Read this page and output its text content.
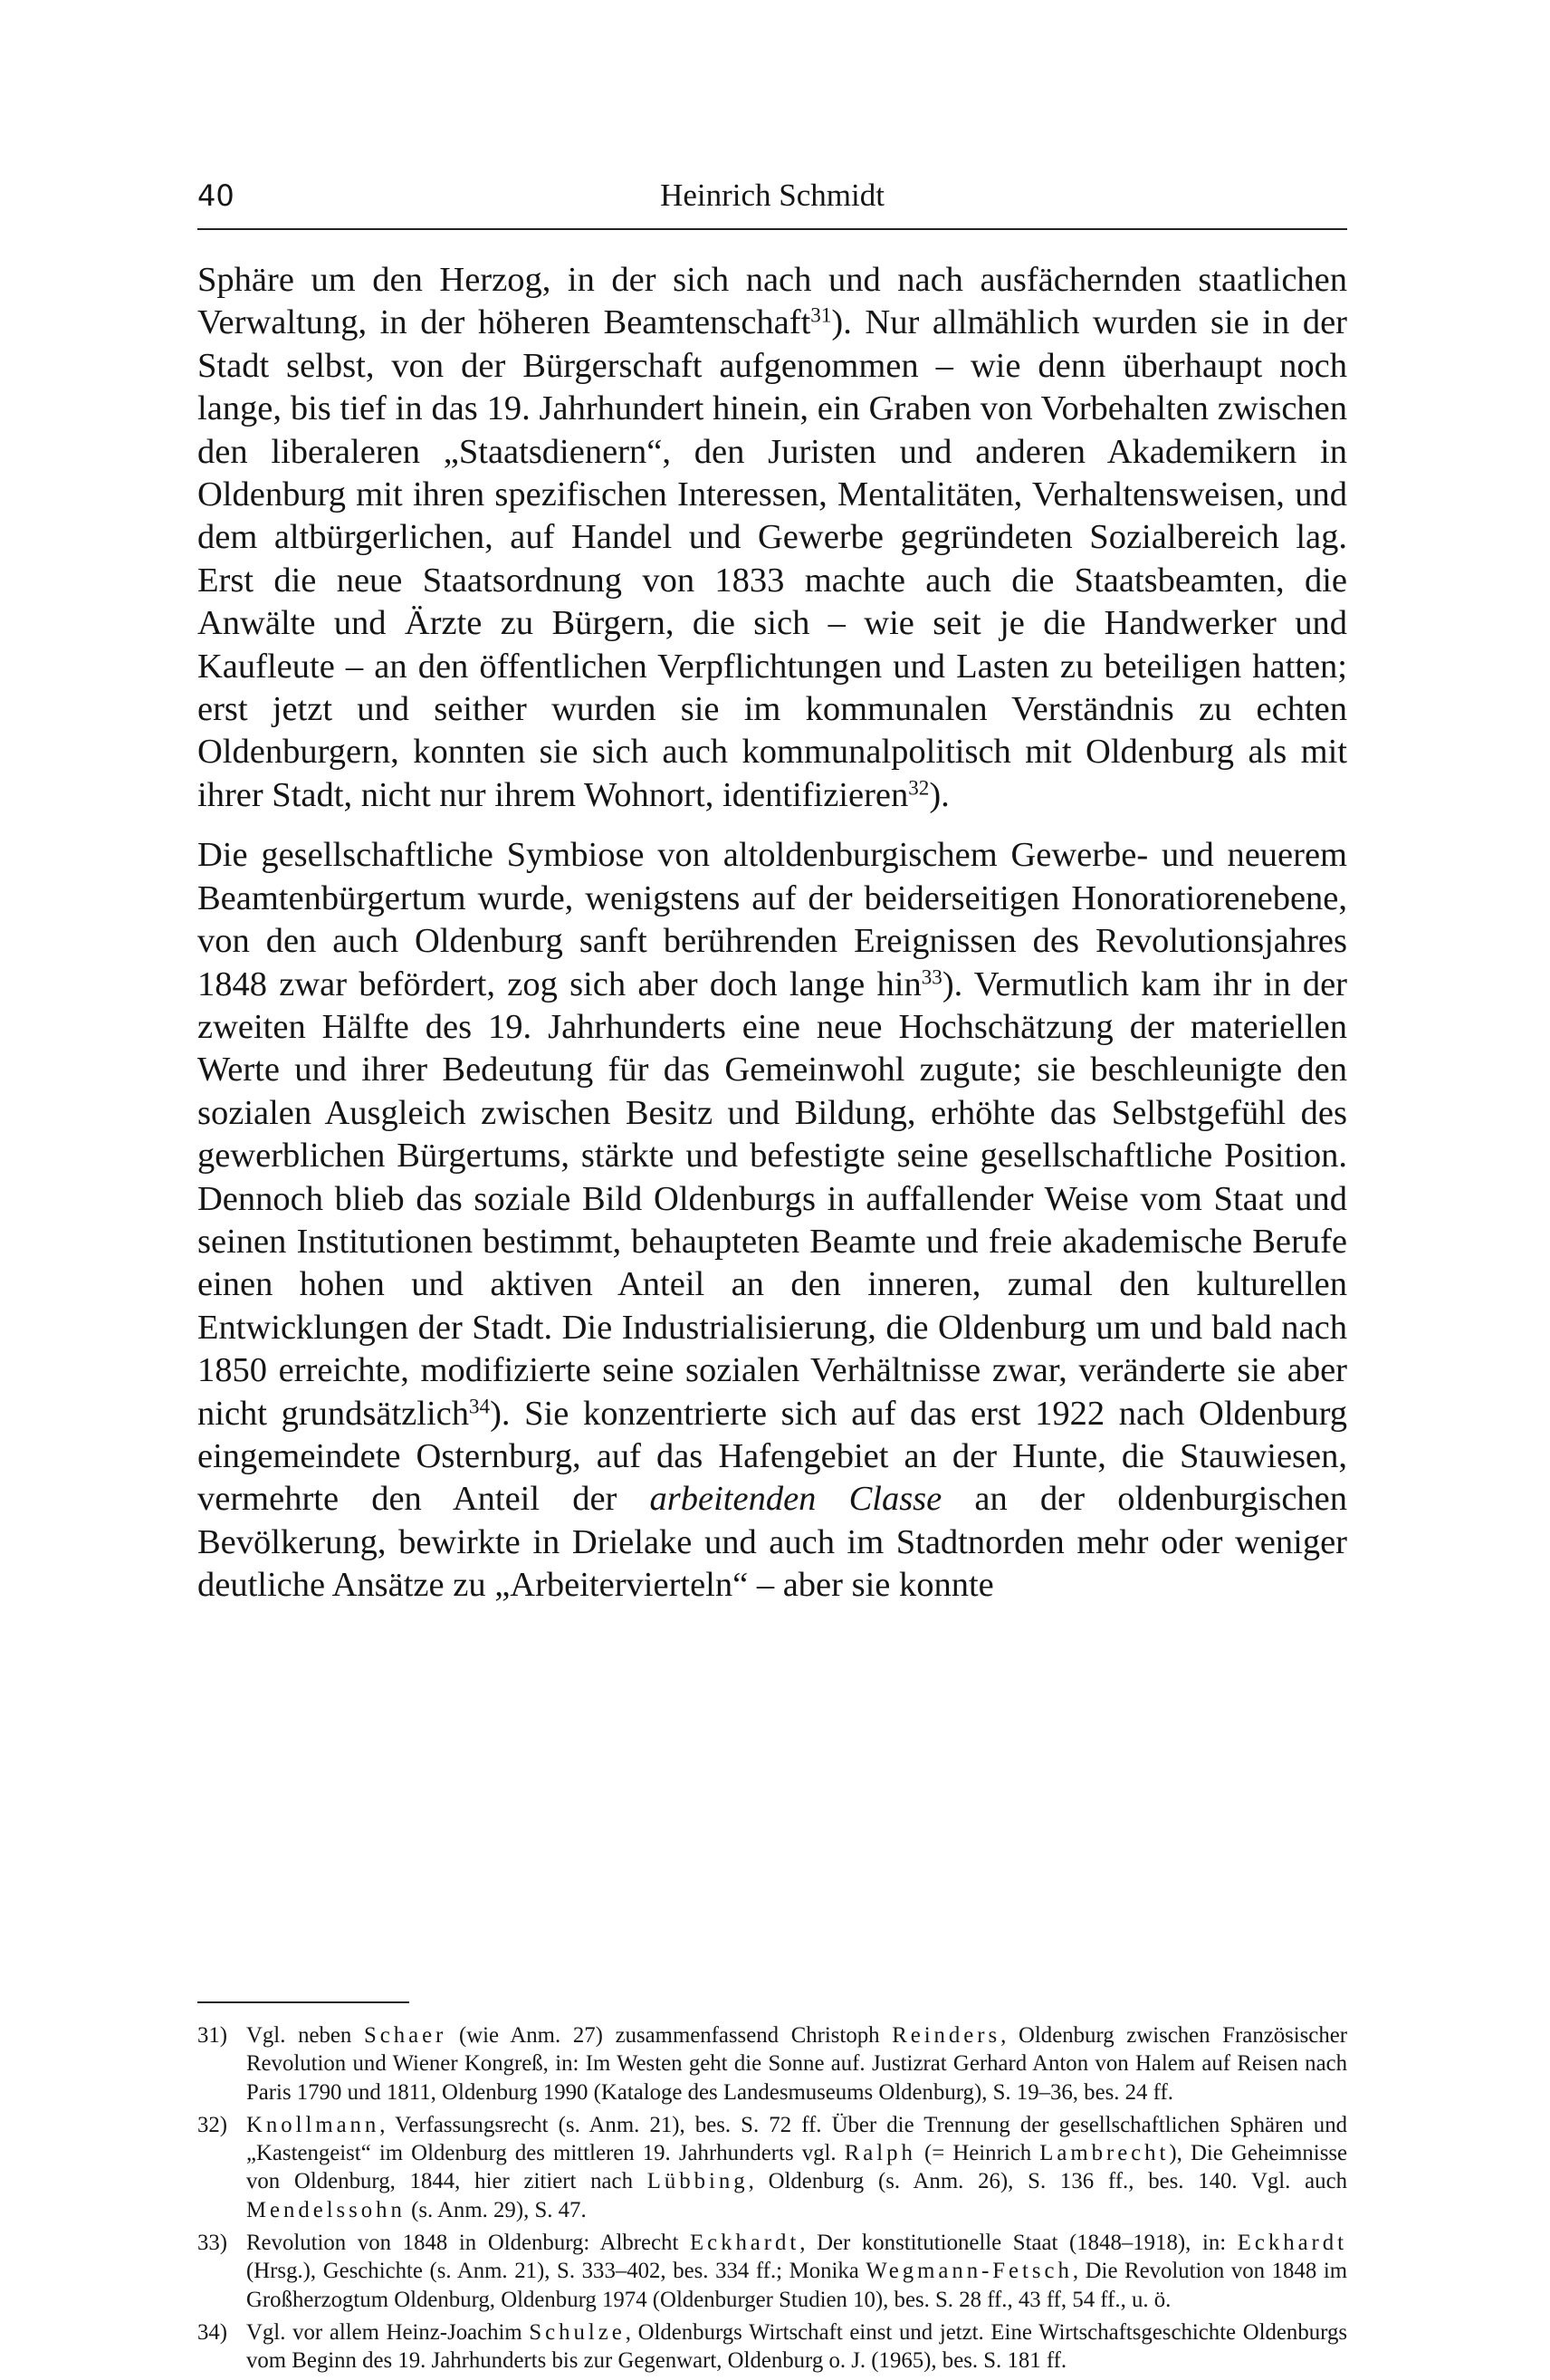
40	Heinrich Schmidt

Sphäre um den Herzog, in der sich nach und nach ausfächernden staatlichen Verwaltung, in der höheren Beamtenschaft$^{31}$). Nur allmählich wurden sie in der Stadt selbst, von der Bürgerschaft aufgenommen – wie denn überhaupt noch lange, bis tief in das 19. Jahrhundert hinein, ein Graben von Vorbehalten zwischen den liberaleren „Staatsdienern“, den Juristen und anderen Akademikern in Oldenburg mit ihren spezifischen Interessen, Mentalitäten, Verhaltensweisen, und dem altbürgerlichen, auf Handel und Gewerbe gegründeten Sozialbereich lag. Erst die neue Staatsordnung von 1833 machte auch die Staatsbeamten, die Anwälte und Ärzte zu Bürgern, die sich – wie seit je die Handwerker und Kaufleute – an den öffentlichen Verpflichtungen und Lasten zu beteiligen hatten; erst jetzt und seither wurden sie im kommunalen Verständnis zu echten Oldenburgern, konnten sie sich auch kommunalpolitisch mit Oldenburg als mit ihrer Stadt, nicht nur ihrem Wohnort, identifizieren$^{32}$).

Die gesellschaftliche Symbiose von altoldenburgischem Gewerbe- und neuerem Beamtenbürgertum wurde, wenigstens auf der beiderseitigen Honoratiorenebene, von den auch Oldenburg sanft berührenden Ereignissen des Revolutionsjahres 1848 zwar befördert, zog sich aber doch lange hin$^{33}$). Vermutlich kam ihr in der zweiten Hälfte des 19. Jahrhunderts eine neue Hochschätzung der materiellen Werte und ihrer Bedeutung für das Gemeinwohl zugute; sie beschleunigte den sozialen Ausgleich zwischen Besitz und Bildung, erhöhte das Selbstgefühl des gewerblichen Bürgertums, stärkte und befestigte seine gesellschaftliche Position. Dennoch blieb das soziale Bild Oldenburgs in auffallender Weise vom Staat und seinen Institutionen bestimmt, behaupteten Beamte und freie akademische Berufe einen hohen und aktiven Anteil an den inneren, zumal den kulturellen Entwicklungen der Stadt. Die Industrialisierung, die Oldenburg um und bald nach 1850 erreichte, modifizierte seine sozialen Verhältnisse zwar, veränderte sie aber nicht grundsätzlich$^{34}$). Sie konzentrierte sich auf das erst 1922 nach Oldenburg eingemeindete Osternburg, auf das Hafengebiet an der Hunte, die Stauwiesen, vermehrte den Anteil der arbeitenden Classe an der oldenburgischen Bevölkerung, bewirkte in Drielake und auch im Stadtnorden mehr oder weniger deutliche Ansätze zu „Arbeitervierteln“ – aber sie konnte

31) Vgl. neben Schaer (wie Anm. 27) zusammenfassend Christoph Reinders, Oldenburg zwischen Französischer Revolution und Wiener Kongreß, in: Im Westen geht die Sonne auf. Justizrat Gerhard Anton von Halem auf Reisen nach Paris 1790 und 1811, Oldenburg 1990 (Kataloge des Landesmuseums Oldenburg), S. 19–36, bes. 24 ff.
32) Knollmann, Verfassungsrecht (s. Anm. 21), bes. S. 72 ff. Über die Trennung der gesellschaftlichen Sphären und „Kastengeist“ im Oldenburg des mittleren 19. Jahrhunderts vgl. Ralph (= Heinrich Lambrecht), Die Geheimnisse von Oldenburg, 1844, hier zitiert nach Lübbing, Oldenburg (s. Anm. 26), S. 136 ff., bes. 140. Vgl. auch Mendelssohn (s. Anm. 29), S. 47.
33) Revolution von 1848 in Oldenburg: Albrecht Eckhardt, Der konstitutionelle Staat (1848–1918), in: Eckhardt (Hrsg.), Geschichte (s. Anm. 21), S. 333–402, bes. 334 ff.; Monika Wegmann-Fetsch, Die Revolution von 1848 im Großherzogtum Oldenburg, Oldenburg 1974 (Oldenburger Studien 10), bes. S. 28 ff., 43 ff, 54 ff., u. ö.
34) Vgl. vor allem Heinz-Joachim Schulze, Oldenburgs Wirtschaft einst und jetzt. Eine Wirtschaftsgeschichte Oldenburgs vom Beginn des 19. Jahrhunderts bis zur Gegenwart, Oldenburg o. J. (1965), bes. S. 181 ff.
